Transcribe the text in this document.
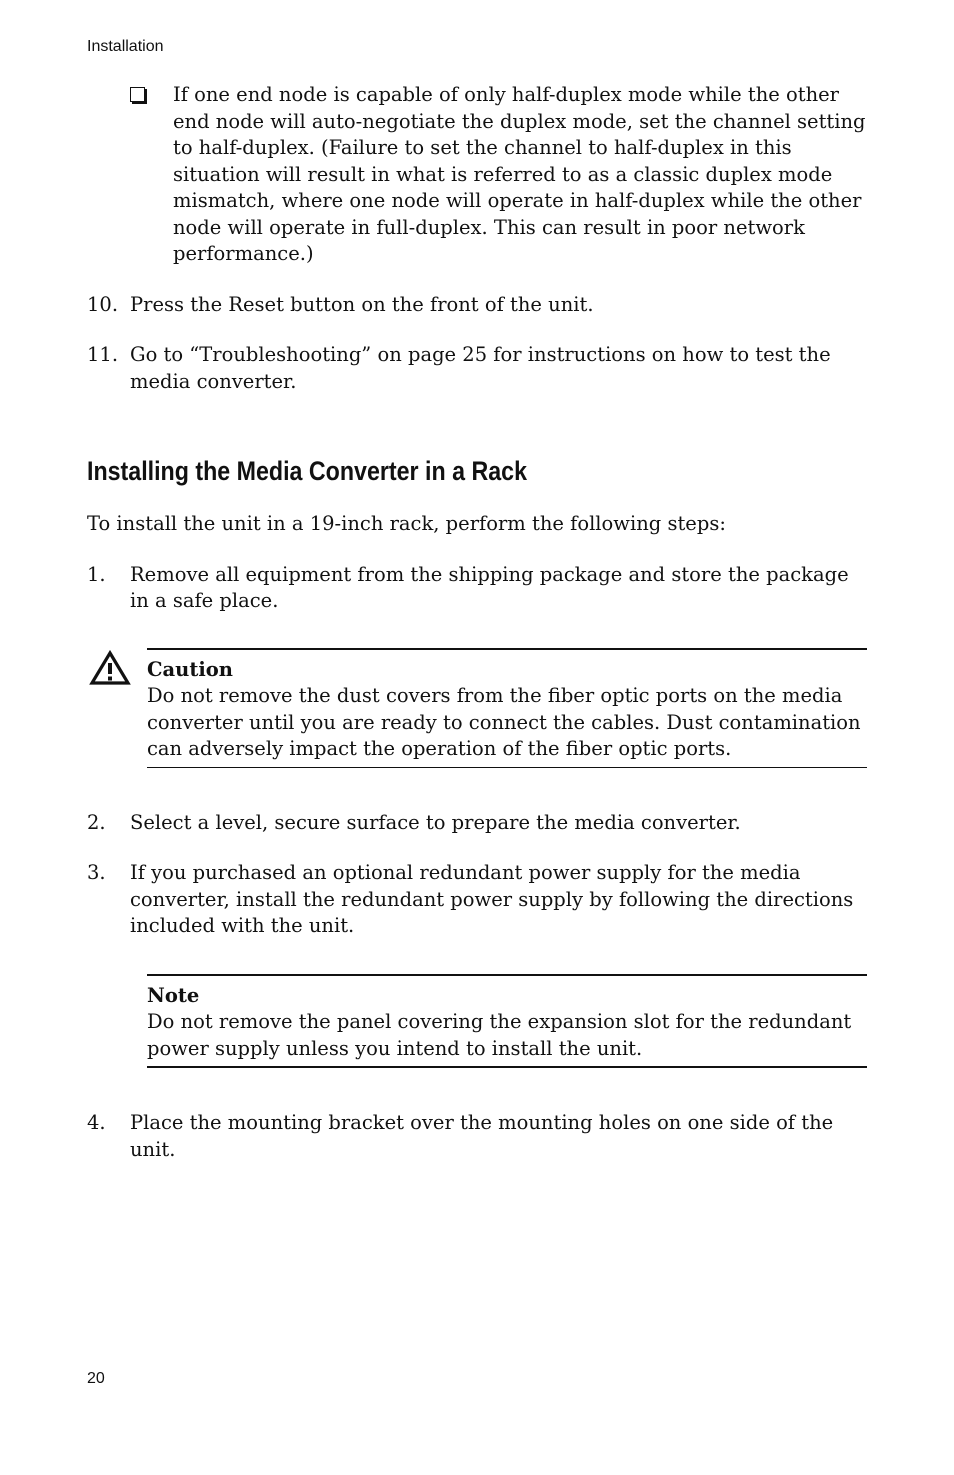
Installation
If one end node is capable of only half-duplex mode while the other end node will auto-negotiate the duplex mode, set the channel setting to half-duplex. (Failure to set the channel to half-duplex in this situation will result in what is referred to as a classic duplex mode mismatch, where one node will operate in half-duplex while the other node will operate in full-duplex. This can result in poor network performance.)
10. Press the Reset button on the front of the unit.
11. Go to “Troubleshooting” on page 25 for instructions on how to test the media converter.
Installing the Media Converter in a Rack

To install the unit in a 19-inch rack, perform the following steps:

1. Remove all equipment from the shipping package and store the package in a safe place.

Caution

Do not remove the dust covers from the fiber optic ports on the media converter until you are ready to connect the cables. Dust contamination can adversely impact the operation of the fiber optic ports.

2. Select a level, secure surface to prepare the media converter.
3. If you purchased an optional redundant power supply for the media converter, install the redundant power supply by following the directions included with the unit.

Note

Do not remove the panel covering the expansion slot for the redundant power supply unless you intend to install the unit.

4. Place the mounting bracket over the mounting holes on one side of the unit.
20
